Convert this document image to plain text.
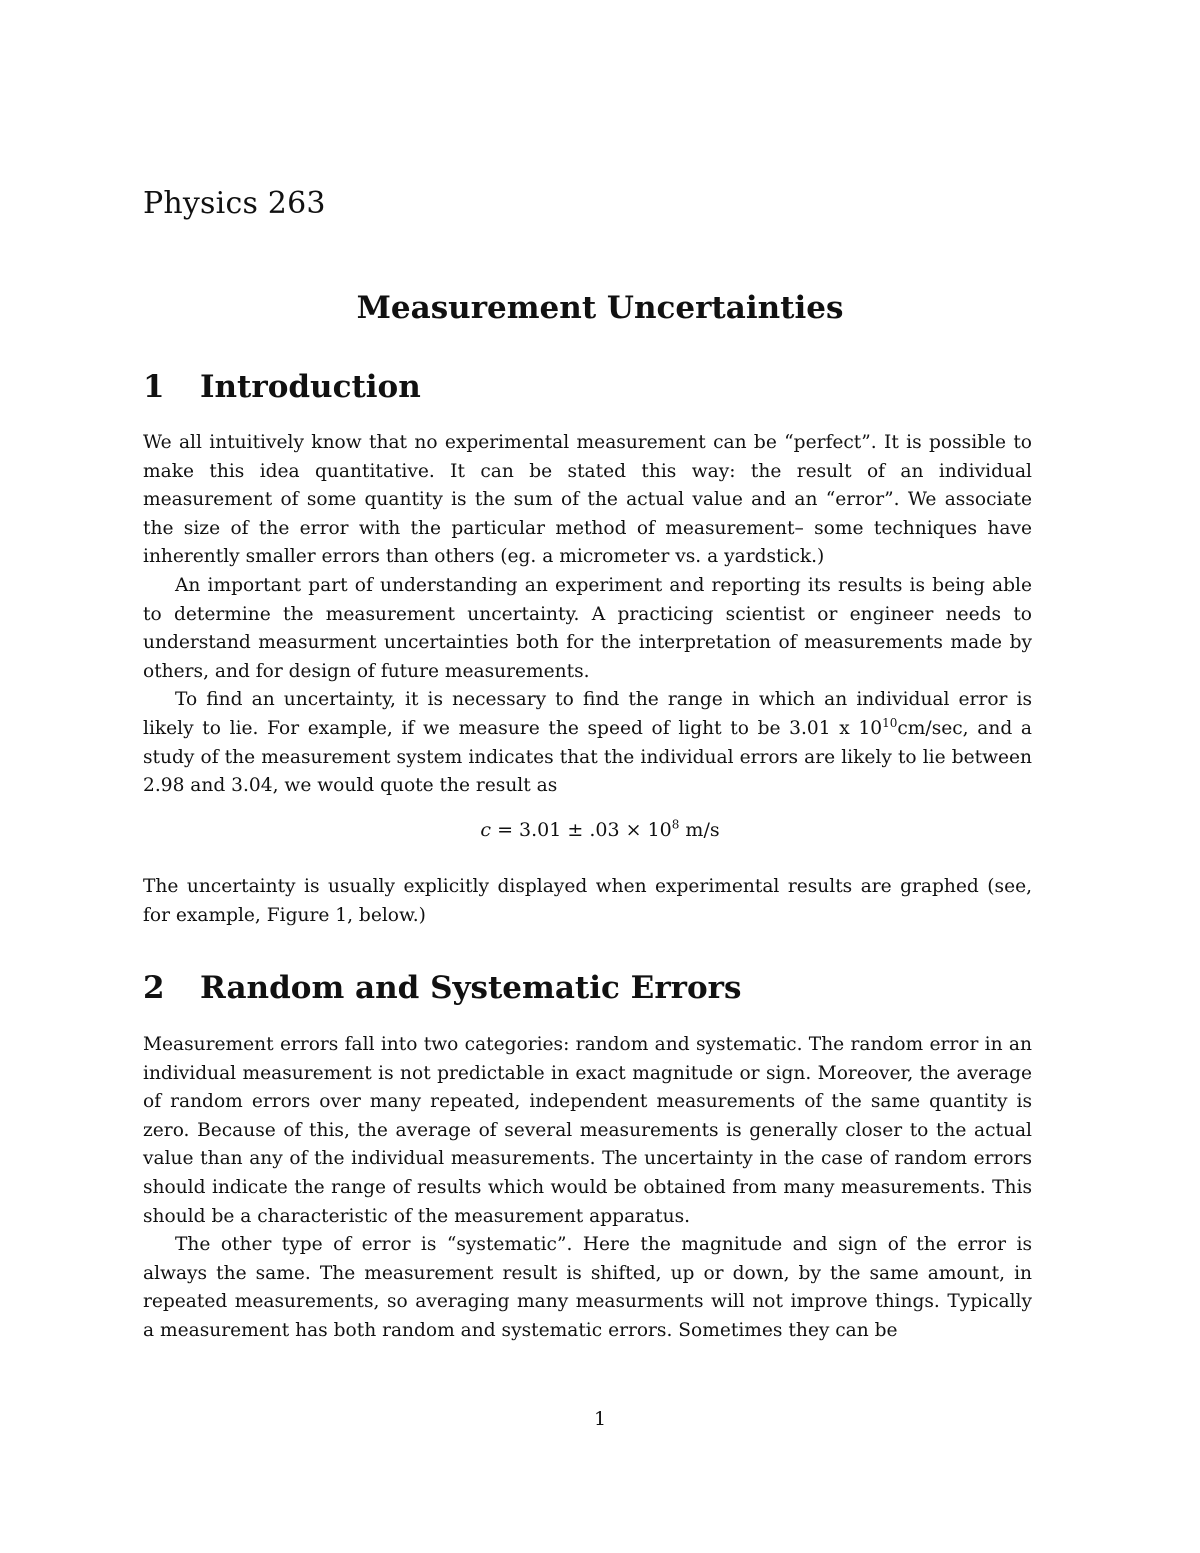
Physics 263
Measurement Uncertainties
1 Introduction

We all intuitively know that no experimental measurement can be “perfect”. It is possible to make this idea quantitative. It can be stated this way: the result of an individual measurement of some quantity is the sum of the actual value and an “error”. We associate the size of the error with the particular method of measurement– some techniques have inherently smaller errors than others (eg. a micrometer vs. a yardstick.)

An important part of understanding an experiment and reporting its results is being able to determine the measurement uncertainty. A practicing scientist or engineer needs to understand measurment uncertainties both for the interpretation of measurements made by others, and for design of future measurements.

To find an uncertainty, it is necessary to find the range in which an individual error is likely to lie. For example, if we measure the speed of light to be 3.01 x $10^{10}cm/\sec$, and a study of the measurement system indicates that the individual errors are likely to lie between 2.98 and 3.04, we would quote the result as

$c = 3.01 \pm .03 \times 10^8$ m/s

The uncertainty is usually explicitly displayed when experimental results are graphed (see, for example, Figure 1, below.)

2 Random and Systematic Errors

Measurement errors fall into two categories: random and systematic. The random error in an individual measurement is not predictable in exact magnitude or sign. Moreover, the average of random errors over many repeated, independent measurements of the same quantity is zero. Because of this, the average of several measurements is generally closer to the actual value than any of the individual measurements. The uncertainty in the case of random errors should indicate the range of results which would be obtained from many measurements. This should be a characteristic of the measurement apparatus.

The other type of error is “systematic”. Here the magnitude and sign of the error is always the same. The measurement result is shifted, up or down, by the same amount, in repeated measurements, so averaging many measurments will not improve things. Typically a measurement has both random and systematic errors. Sometimes they can be

1
